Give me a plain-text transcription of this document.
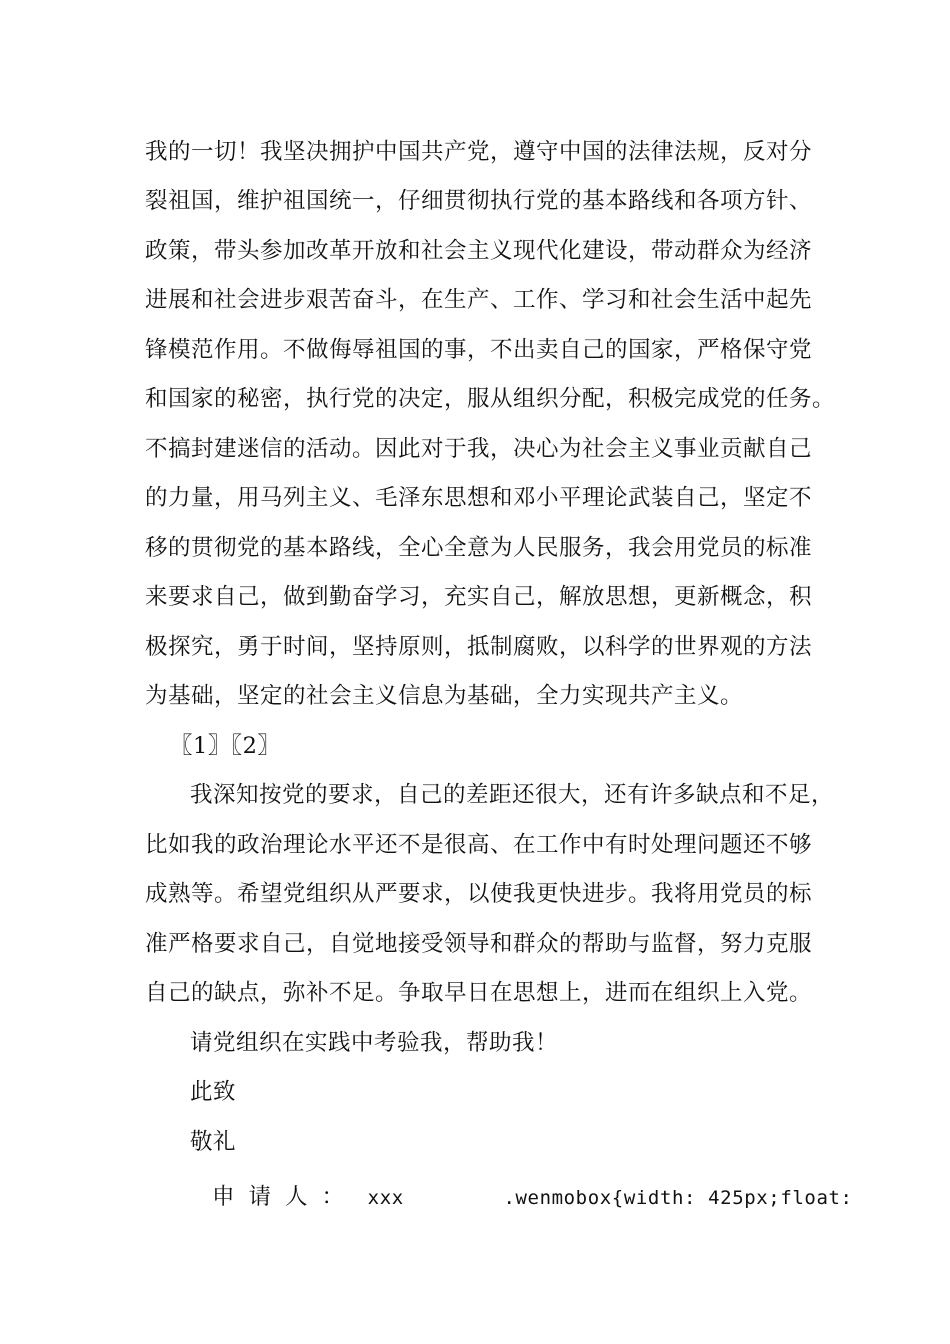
我的一切！我坚决拥护中国共产党，遵守中国的法律法规，反对分
裂祖国，维护祖国统一，仔细贯彻执行党的基本路线和各项方针、
政策，带头参加改革开放和社会主义现代化建设，带动群众为经济
进展和社会进步艰苦奋斗，在生产、工作、学习和社会生活中起先
锋模范作用。不做侮辱祖国的事，不出卖自己的国家，严格保守党
和国家的秘密，执行党的决定，服从组织分配，积极完成党的任务。
不搞封建迷信的活动。因此对于我，决心为社会主义事业贡献自己
的力量，用马列主义、毛泽东思想和邓小平理论武装自己，坚定不
移的贯彻党的基本路线，全心全意为人民服务，我会用党员的标准
来要求自己，做到勤奋学习，充实自己，解放思想，更新概念，积
极探究，勇于时间，坚持原则，抵制腐败，以科学的世界观的方法
为基础，坚定的社会主义信息为基础，全力实现共产主义。
〖1〗〖2〗
我深知按党的要求，自己的差距还很大，还有许多缺点和不足，
比如我的政治理论水平还不是很高、在工作中有时处理问题还不够
成熟等。希望党组织从严要求，以使我更快进步。我将用党员的标
准严格要求自己，自觉地接受领导和群众的帮助与监督，努力克服
自己的缺点，弥补不足。争取早日在思想上，进而在组织上入党。
请党组织在实践中考验我，帮助我！
此致
敬礼
申请人： xxx	.wenmobox{width: 425px;float:
